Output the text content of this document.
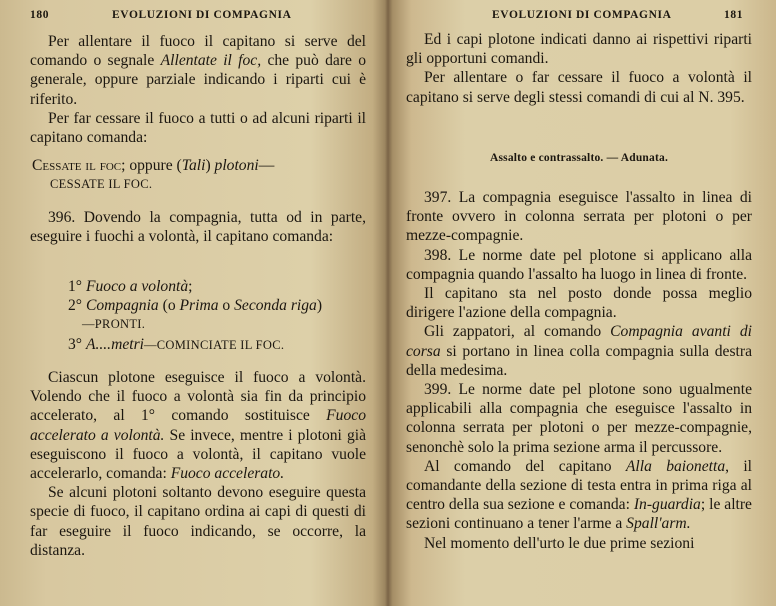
180	EVOLUZIONI DI COMPAGNIA

Per allentare il fuoco il capitano si serve del comando o segnale Allentate il foc, che può dare o generale, oppure parziale indicando i riparti cui è riferito.

Per far cessare il fuoco a tutti o ad alcuni riparti il capitano comanda:

Cessate il foc; oppure (Tali) plotoni—

CESSATE IL FOC.

396. Dovendo la compagnia, tutta od in parte, eseguire i fuochi a volontà, il capitano comanda:

1° Fuoco a volontà;

2° Compagnia (o Prima o Seconda riga)

—PRONTI.

3° A....metri—COMINCIATE IL FOC.

Ciascun plotone eseguisce il fuoco a volontà. Volendo che il fuoco a volontà sia fin da principio accelerato, al 1° comando sostituisce Fuoco accelerato a volontà. Se invece, mentre i plotoni già eseguiscono il fuoco a volontà, il capitano vuole accelerarlo, comanda: Fuoco accelerato.

Se alcuni plotoni soltanto devono eseguire questa specie di fuoco, il capitano ordina ai capi di questi di far eseguire il fuoco indicando, se occorre, la distanza.

EVOLUZIONI DI COMPAGNIA	181

Ed i capi plotone indicati danno ai rispettivi riparti gli opportuni comandi.

Per allentare o far cessare il fuoco a volontà il capitano si serve degli stessi comandi di cui al N. 395.

Assalto e contrassalto. — Adunata.

397. La compagnia eseguisce l'assalto in linea di fronte ovvero in colonna serrata per plotoni o per mezze-compagnie.

398. Le norme date pel plotone si applicano alla compagnia quando l'assalto ha luogo in linea di fronte.

Il capitano sta nel posto donde possa meglio dirigere l'azione della compagnia.

Gli zappatori, al comando Compagnia avanti di corsa si portano in linea colla compagnia sulla destra della medesima.

399. Le norme date pel plotone sono ugualmente applicabili alla compagnia che eseguisce l'assalto in colonna serrata per plotoni o per mezze-compagnie, senonchè solo la prima sezione arma il percussore.

Al comando del capitano Alla baionetta, il comandante della sezione di testa entra in prima riga al centro della sua sezione e comanda: In-guardia; le altre sezioni continuano a tener l'arme a Spall'arm.

Nel momento dell'urto le due prime sezioni
